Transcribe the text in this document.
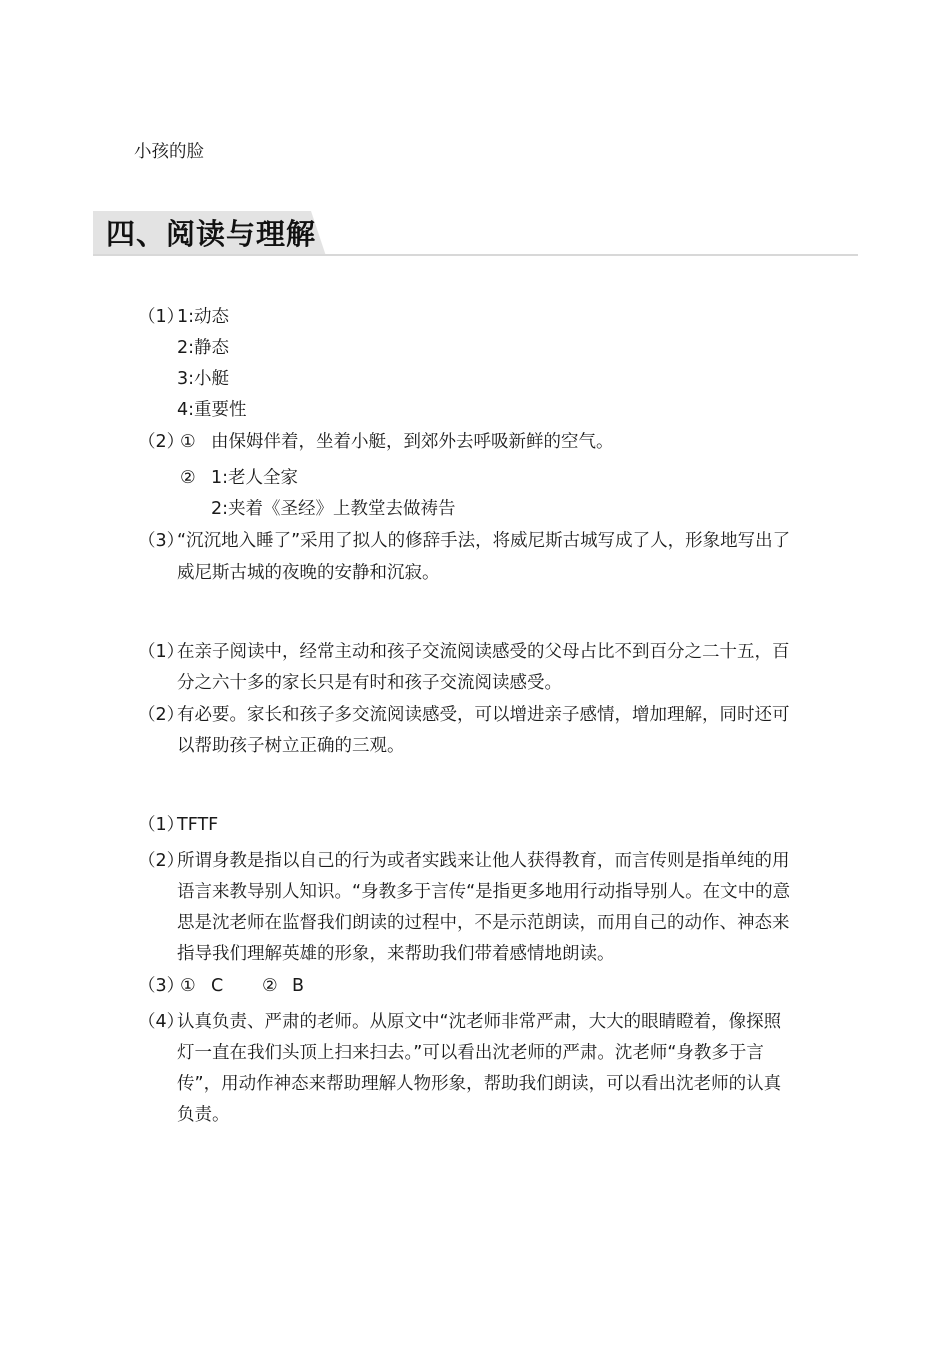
小孩的脸
四、阅读与理解
（1）
1:动态
2:静态
3:小艇
4:重要性
（2）
① 由保姆伴着，坐着小艇，到郊外去呼吸新鲜的空气。
② 1:老人全家
2:夹着《圣经》上教堂去做祷告
（3）
“沉沉地入睡了”采用了拟人的修辞手法，将威尼斯古城写成了人，形象地写出了
威尼斯古城的夜晚的安静和沉寂。
（1）
在亲子阅读中，经常主动和孩子交流阅读感受的父母占比不到百分之二十五，百
分之六十多的家长只是有时和孩子交流阅读感受。
（2）
有必要。家长和孩子多交流阅读感受，可以增进亲子感情，增加理解，同时还可
以帮助孩子树立正确的三观。
（1）
TFTF
（2）
所谓身教是指以自己的行为或者实践来让他人获得教育，而言传则是指单纯的用
语言来教导别人知识。“身教多于言传“是指更多地用行动指导别人。在文中的意
思是沈老师在监督我们朗读的过程中，不是示范朗读，而用自己的动作、神态来
指导我们理解英雄的形象，来帮助我们带着感情地朗读。
（3）
① C ② B
（4）
认真负责、严肃的老师。从原文中“沈老师非常严肃，大大的眼睛瞪着，像探照
灯一直在我们头顶上扫来扫去。”可以看出沈老师的严肃。沈老师“身教多于言
传”，用动作神态来帮助理解人物形象，帮助我们朗读，可以看出沈老师的认真
负责。
